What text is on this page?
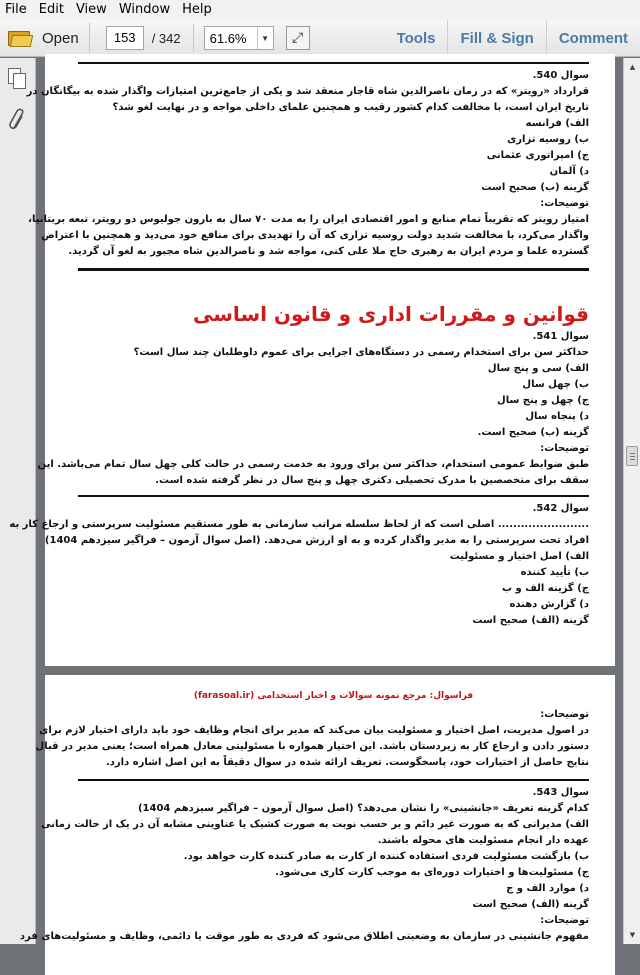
File Edit View Window Help
Open	153	/ 342	61.6%	▼	⤢	Tools	Fill & Sign	Comment
سوال 540.
قرارداد «رویتر» که در زمان ناصرالدین شاه قاجار منعقد شد و یکی از جامع‌ترین امتیازات واگذار شده به بیگانگان در
تاریخ ایران است، با مخالفت کدام کشور رقیب و همچنین علمای داخلی مواجه و در نهایت لغو شد؟
الف) فرانسه
ب) روسیه تزاری
ج) امپراتوری عثمانی
د) آلمان
گزینه (ب) صحیح است
توضیحات:
امتیاز رویتر که تقریباً تمام منابع و امور اقتصادی ایران را به مدت ۷۰ سال به بارون جولیوس دو رویتر، تبعه بریتانیا،
واگذار می‌کرد، با مخالفت شدید دولت روسیه تزاری که آن را تهدیدی برای منافع خود می‌دید و همچنین با اعتراض
گسترده علما و مردم ایران به رهبری حاج ملا علی کنی، مواجه شد و ناصرالدین شاه مجبور به لغو آن گردید.
قوانین و مقررات اداری و قانون اساسی
سوال 541.
حداکثر سن برای استخدام رسمی در دستگاه‌های اجرایی برای عموم داوطلبان چند سال است؟
الف) سی و پنج سال
ب) چهل سال
ج) چهل و پنج سال
د) پنجاه سال
گزینه (ب) صحیح است.
توضیحات:
طبق ضوابط عمومی استخدام، حداکثر سن برای ورود به خدمت رسمی در حالت کلی چهل سال تمام می‌باشد. این
سقف برای متخصصین با مدرک تحصیلی دکتری چهل و پنج سال در نظر گرفته شده است.
سوال 542.
........................ اصلی است که از لحاظ سلسله مراتب سازمانی به طور مستقیم مسئولیت سرپرستی و ارجاع کار به
افراد تحت سرپرستی را به مدیر واگذار کرده و به او ارزش می‌دهد. (اصل سوال آزمون – فراگیر سیزدهم 1404)
الف) اصل اختیار و مسئولیت
ب) تأیید کننده
ج) گزینه الف و ب
د) گزارش دهنده
گزینه (الف) صحیح است
فراسوال: مرجع نمونه سوالات و اخبار استخدامی (farasoal.ir)
توضیحات:
در اصول مدیریت، اصل اختیار و مسئولیت بیان می‌کند که مدیر برای انجام وظایف خود باید دارای اختیار لازم برای
دستور دادن و ارجاع کار به زیردستان باشد. این اختیار همواره با مسئولیتی معادل همراه است؛ یعنی مدیر در قبال
نتایج حاصل از اختیارات خود، پاسخگوست. تعریف ارائه شده در سوال دقیقاً به این اصل اشاره دارد.
سوال 543.
کدام گزینه تعریف «جانشینی» را نشان می‌دهد؟ (اصل سوال آزمون – فراگیر سیزدهم 1404)
الف) مدیرانی که به صورت غیر دائم و بر حسب نوبت به صورت کشیک یا عناوینی مشابه آن در یک از حالت زمانی
عهده دار انجام مسئولیت های محوله باشند.
ب) بازگشت مسئولیت فردی استفاده کننده از کارت به صادر کننده کارت خواهد بود.
ج) مسئولیت‌ها و اختیارات دوره‌ای به موجب کارت کاری می‌شود.
د) موارد الف و ج
گزینه (الف) صحیح است
توضیحات:
مفهوم جانشینی در سازمان به وضعیتی اطلاق می‌شود که فردی به طور موقت یا دائمی، وظایف و مسئولیت‌های فرد
▲
▼
